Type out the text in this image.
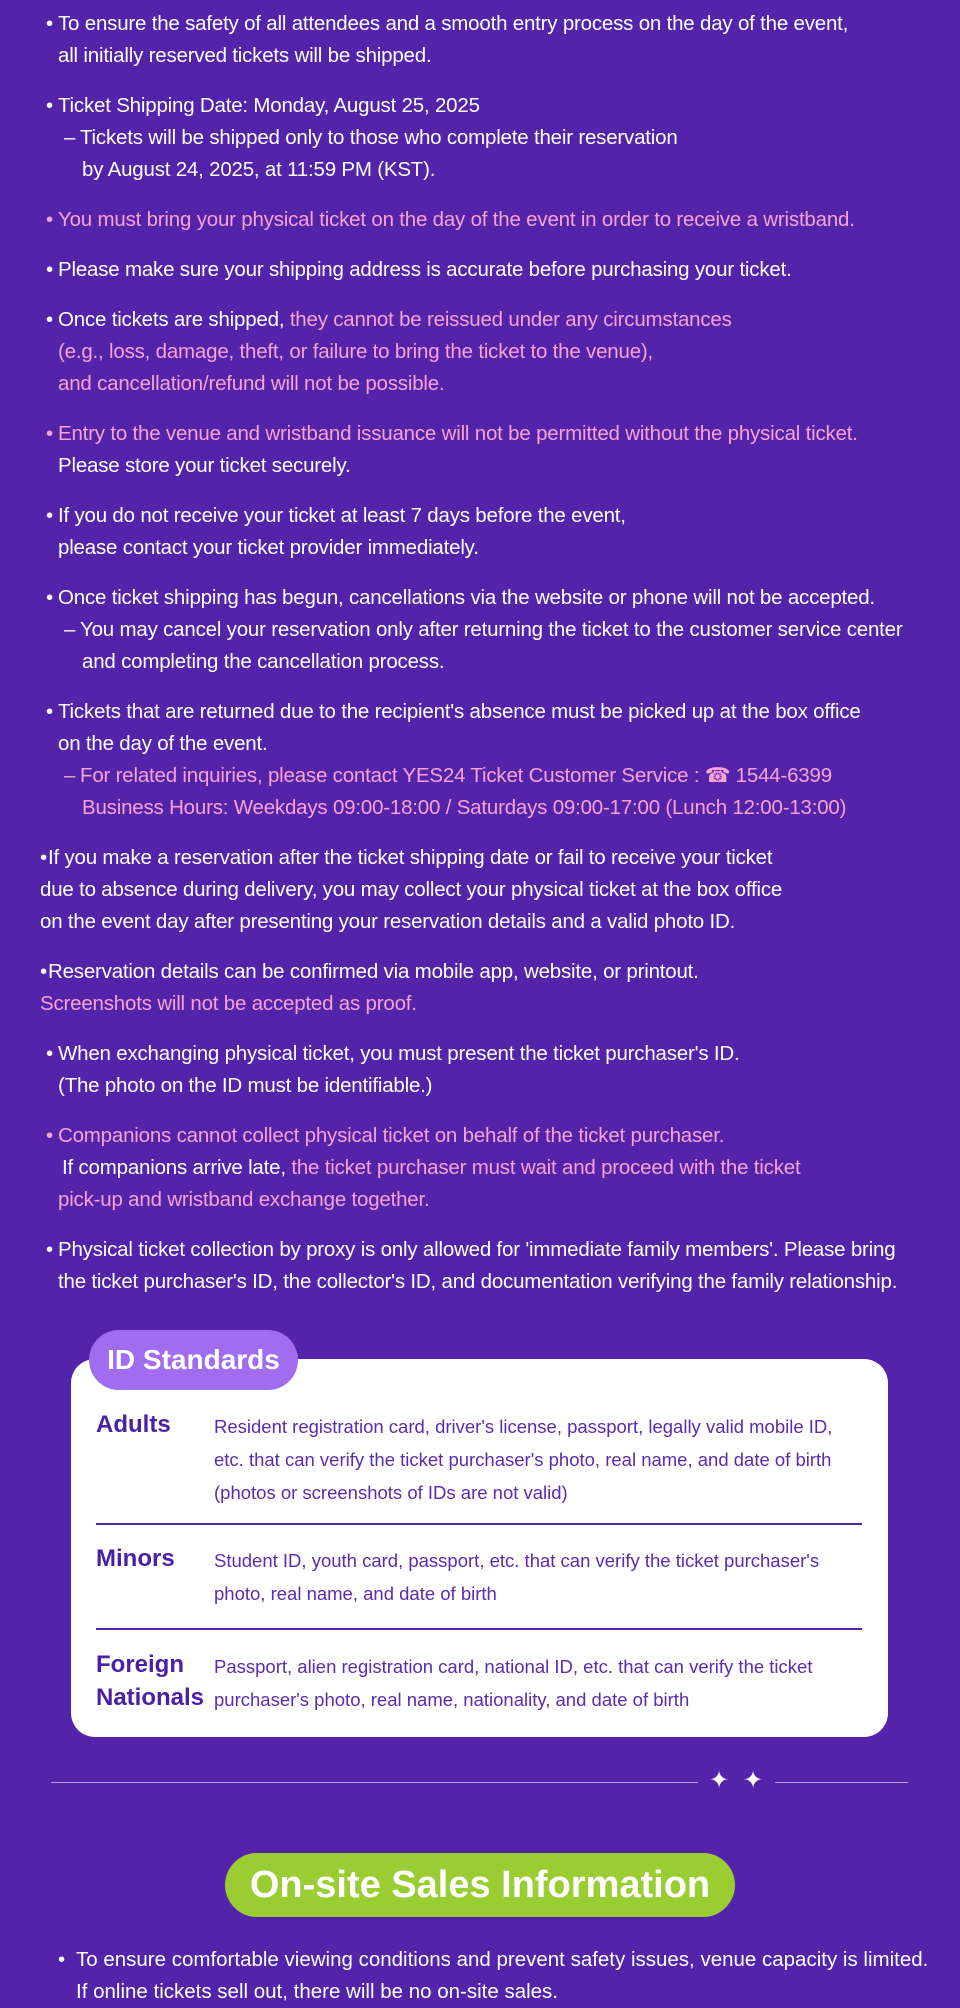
• To ensure the safety of all attendees and a smooth entry process on the day of the event,
all initially reserved tickets will be shipped.
• Ticket Shipping Date: Monday, August 25, 2025
– Tickets will be shipped only to those who complete their reservation
by August 24, 2025, at 11:59 PM (KST).
• You must bring your physical ticket on the day of the event in order to receive a wristband.
• Please make sure your shipping address is accurate before purchasing your ticket.
• Once tickets are shipped, they cannot be reissued under any circumstances
(e.g., loss, damage, theft, or failure to bring the ticket to the venue),
and cancellation/refund will not be possible.
• Entry to the venue and wristband issuance will not be permitted without the physical ticket.
Please store your ticket securely.
• If you do not receive your ticket at least 7 days before the event,
please contact your ticket provider immediately.
• Once ticket shipping has begun, cancellations via the website or phone will not be accepted.
– You may cancel your reservation only after returning the ticket to the customer service center
and completing the cancellation process.
• Tickets that are returned due to the recipient's absence must be picked up at the box office
on the day of the event.
– For related inquiries, please contact YES24 Ticket Customer Service : ☎ 1544-6399
Business Hours: Weekdays 09:00-18:00 / Saturdays 09:00-17:00 (Lunch 12:00-13:00)
•If you make a reservation after the ticket shipping date or fail to receive your ticket
due to absence during delivery, you may collect your physical ticket at the box office
on the event day after presenting your reservation details and a valid photo ID.
•Reservation details can be confirmed via mobile app, website, or printout.
Screenshots will not be accepted as proof.
• When exchanging physical ticket, you must present the ticket purchaser's ID.
(The photo on the ID must be identifiable.)
• Companions cannot collect physical ticket on behalf of the ticket purchaser.
If companions arrive late, the ticket purchaser must wait and proceed with the ticket
pick-up and wristband exchange together.
• Physical ticket collection by proxy is only allowed for 'immediate family members'. Please bring
the ticket purchaser's ID, the collector's ID, and documentation verifying the family relationship.
ID Standards
Adults	Resident registration card, driver's license, passport, legally valid mobile ID, etc. that can verify the ticket purchaser's photo, real name, and date of birth (photos or screenshots of IDs are not valid)
Minors	Student ID, youth card, passport, etc. that can verify the ticket purchaser's photo, real name, and date of birth
Foreign
Nationals
Passport, alien registration card, national ID, etc. that can verify the ticket purchaser's photo, real name, nationality, and date of birth
✦ ✦
On-site Sales Information
• To ensure comfortable viewing conditions and prevent safety issues, venue capacity is limited.
If online tickets sell out, there will be no on-site sales.
